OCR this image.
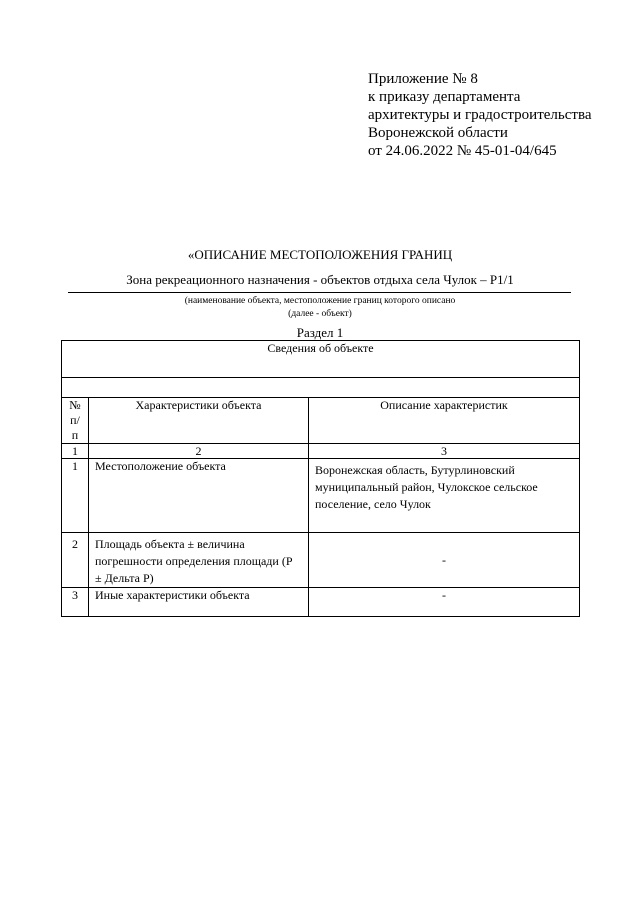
Приложение № 8
к приказу департамента
архитектуры и градостроительства
Воронежской области
от 24.06.2022 № 45-01-04/645
«ОПИСАНИЕ МЕСТОПОЛОЖЕНИЯ ГРАНИЦ
Зона рекреационного назначения - объектов отдыха села Чулок – Р1/1
(наименование объекта, местоположение границ которого описано
(далее - объект)
Раздел 1
Сведения об объекте		

№ п/п	Характеристики объекта	Описание характеристик
1	2	3
1	Местоположение объекта	Воронежская область, Бутурлиновский муниципальный район, Чулокское сельское поселение, село Чулок
2	Площадь объекта ± величина погрешности определения площади (Р ± Дельта Р)	-
3	Иные характеристики объекта	-
